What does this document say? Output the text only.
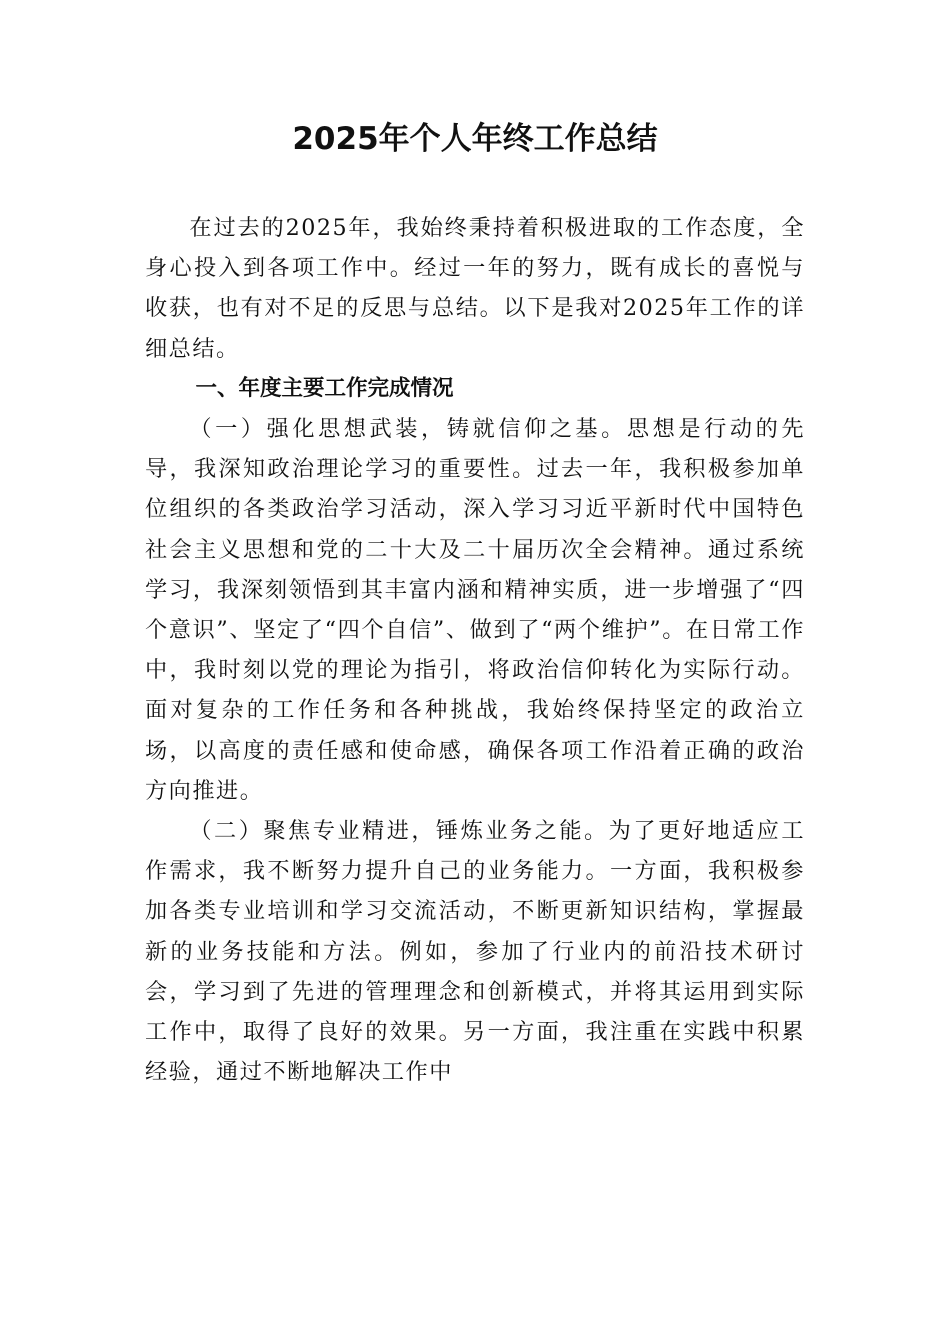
2025年个人年终工作总结

在过去的2025年，我始终秉持着积极进取的工作态度，全身心投入到各项工作中。经过一年的努力，既有成长的喜悦与收获，也有对不足的反思与总结。以下是我对2025年工作的详细总结。

一、年度主要工作完成情况

（一）强化思想武装，铸就信仰之基。思想是行动的先导，我深知政治理论学习的重要性。过去一年，我积极参加单位组织的各类政治学习活动，深入学习习近平新时代中国特色社会主义思想和党的二十大及二十届历次全会精神。通过系统学习，我深刻领悟到其丰富内涵和精神实质，进一步增强了“四个意识”、坚定了“四个自信”、做到了“两个维护”。在日常工作中，我时刻以党的理论为指引，将政治信仰转化为实际行动。面对复杂的工作任务和各种挑战，我始终保持坚定的政治立场，以高度的责任感和使命感，确保各项工作沿着正确的政治方向推进。

（二）聚焦专业精进，锤炼业务之能。为了更好地适应工作需求，我不断努力提升自己的业务能力。一方面，我积极参加各类专业培训和学习交流活动，不断更新知识结构，掌握最新的业务技能和方法。例如，参加了行业内的前沿技术研讨会，学习到了先进的管理理念和创新模式，并将其运用到实际工作中，取得了良好的效果。另一方面，我注重在实践中积累经验，通过不断地解决工作中
